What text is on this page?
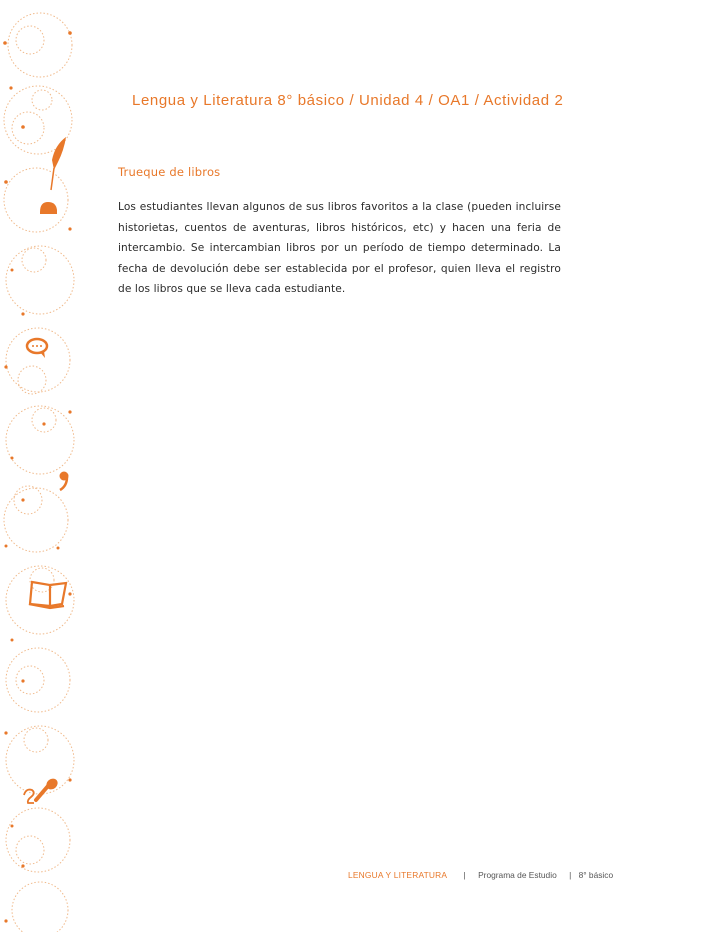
Lengua y Literatura 8° básico / Unidad 4 / OA1 / Actividad 2
Trueque de libros
Los estudiantes llevan algunos de sus libros favoritos a la clase (pueden incluirse historietas, cuentos de aventuras, libros históricos, etc) y hacen una feria de intercambio. Se intercambian libros por un período de tiempo determinado. La fecha de devolución debe ser establecida por el profesor, quien lleva el registro de los libros que se lleva cada estudiante.
LENGUA Y LITERATURA | Programa de Estudio | 8° básico
